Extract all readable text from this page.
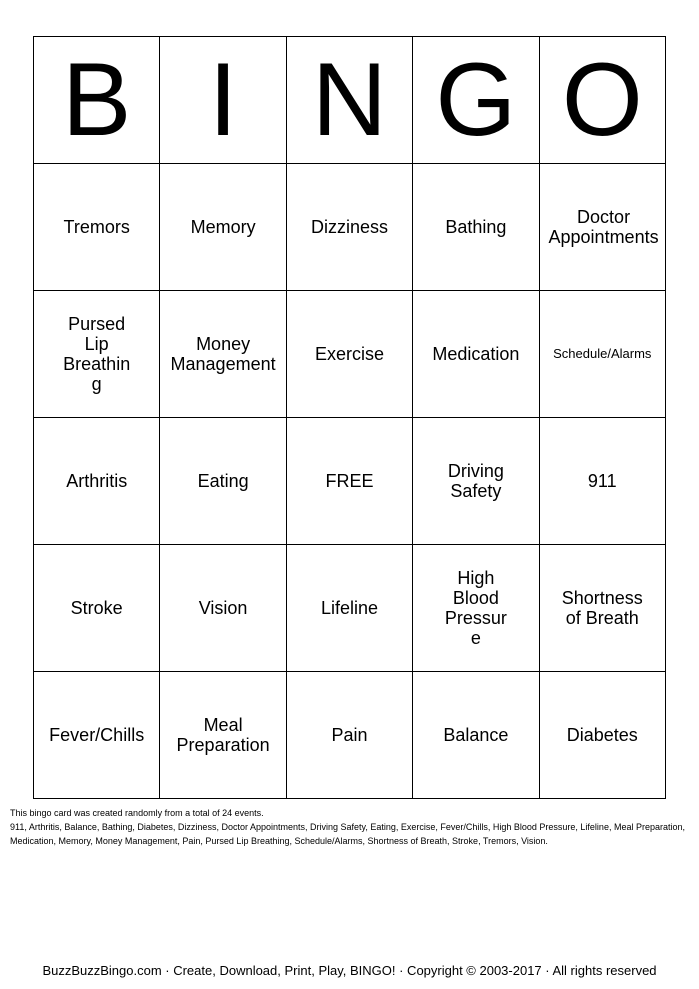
B	I	N	G	O
Tremors	Memory	Dizziness	Bathing	Doctor Appointments
Pursed Lip Breathing	Money Management	Exercise	Medication	Schedule/Alarms
Arthritis	Eating	FREE	Driving Safety	911
Stroke	Vision	Lifeline	High Blood Pressure	Shortness of Breath
Fever/Chills	Meal Preparation	Pain	Balance	Diabetes
This bingo card was created randomly from a total of 24 events.
911, Arthritis, Balance, Bathing, Diabetes, Dizziness, Doctor Appointments, Driving Safety, Eating, Exercise, Fever/Chills, High Blood Pressure, Lifeline, Meal Preparation, Medication, Memory, Money Management, Pain, Pursed Lip Breathing, Schedule/Alarms, Shortness of Breath, Stroke, Tremors, Vision.
BuzzBuzzBingo.com · Create, Download, Print, Play, BINGO! · Copyright © 2003-2017 · All rights reserved
